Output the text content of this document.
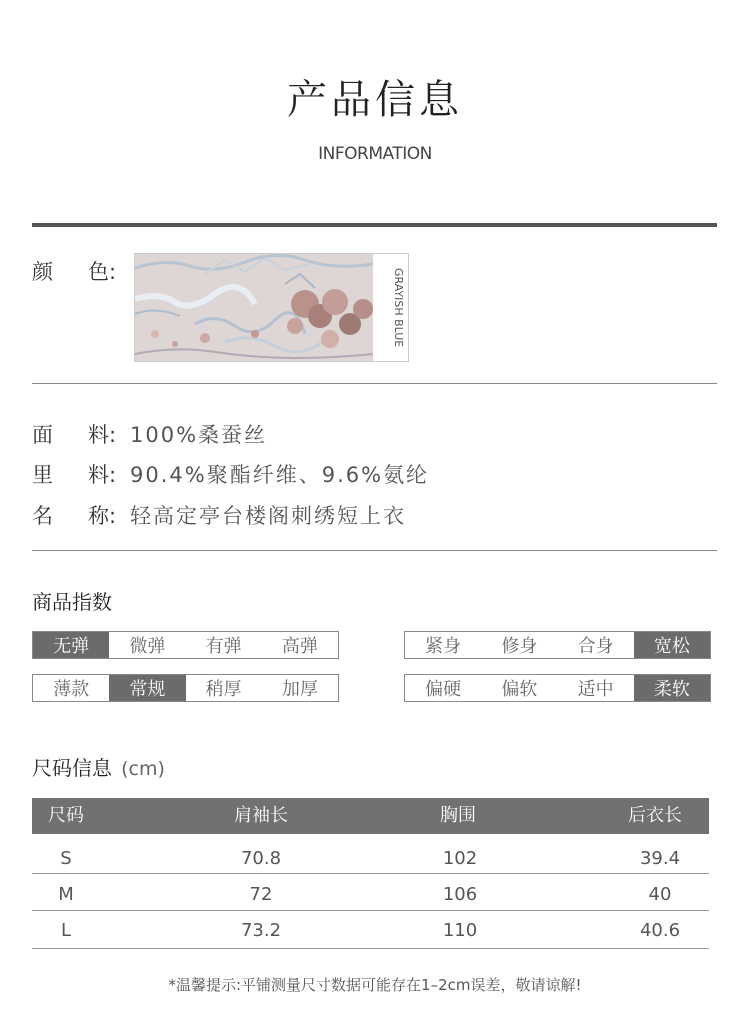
产品信息
INFORMATION
颜 色:	GRAYISH BLUE
面 料: 100%桑蚕丝
里 料: 90.4%聚酯纤维、9.6%氨纶
名 称: 轻高定亭台楼阁刺绣短上衣
商品指数
无弹	微弹	有弹	高弹	紧身	修身	合身	宽松
薄款	常规	稍厚	加厚	偏硬	偏软	适中	柔软
尺码信息 (cm)
尺码	肩袖长	胸围	后衣长
S	70.8	102	39.4
M	72	106	40
L	73.2	110	40.6
*温馨提示:平铺测量尺寸数据可能存在1–2cm误差，敬请谅解!
